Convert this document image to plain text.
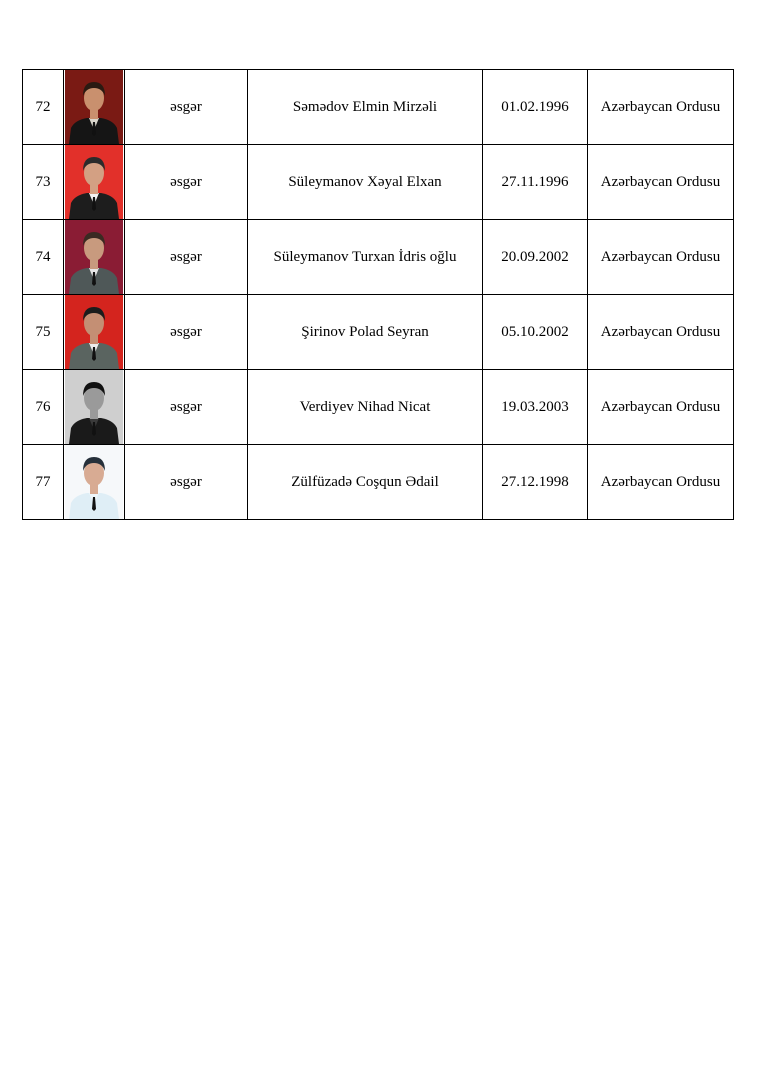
72		əsgər	Səmədov Elmin Mirzəli	01.02.1996	Azərbaycan Ordusu
73		əsgər	Süleymanov Xəyal Elxan	27.11.1996	Azərbaycan Ordusu
74		əsgər	Süleymanov Turxan İdris oğlu	20.09.2002	Azərbaycan Ordusu
75		əsgər	Şirinov Polad Seyran	05.10.2002	Azərbaycan Ordusu
76		əsgər	Verdiyev Nihad Nicat	19.03.2003	Azərbaycan Ordusu
77		əsgər	Zülfüzadə Coşqun Ədail	27.12.1998	Azərbaycan Ordusu
